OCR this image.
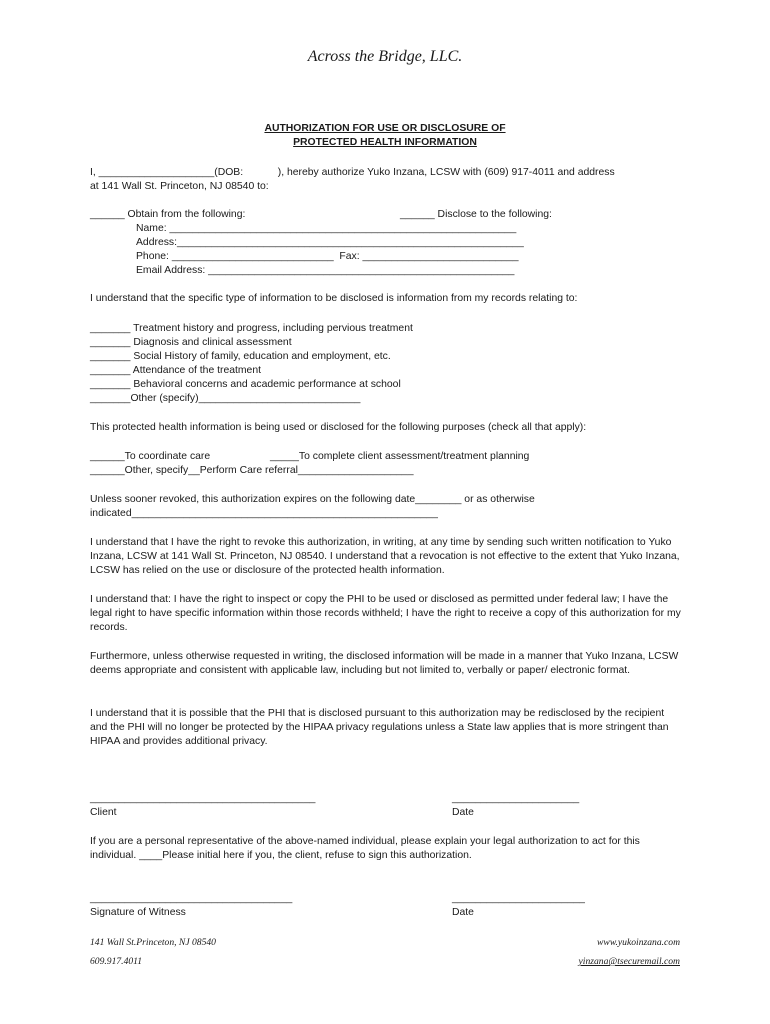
Across the Bridge, LLC.
AUTHORIZATION FOR USE OR DISCLOSURE OF
PROTECTED HEALTH INFORMATION
I, ____________________(DOB:            ), hereby authorize Yuko Inzana, LCSW with (609) 917-4011 and address
at 141 Wall St. Princeton, NJ 08540 to:
______ Obtain from the following:	______ Disclose to the following:
Name: ____________________________________________________________
Address:____________________________________________________________
Phone: ____________________________  Fax: ___________________________
Email Address: _____________________________________________________
I understand that the specific type of information to be disclosed is information from my records relating to:
_______ Treatment history and progress, including pervious treatment
_______ Diagnosis and clinical assessment
_______ Social History of family, education and employment, etc.
_______ Attendance of the treatment
_______ Behavioral concerns and academic performance at school
_______Other (specify)____________________________
This protected health information is being used or disclosed for the following purposes (check all that apply):
______To coordinate care	_____To complete client assessment/treatment planning
______Other, specify__Perform Care referral____________________
Unless sooner revoked, this authorization expires on the following date________ or as otherwise
indicated_____________________________________________________
I understand that I have the right to revoke this authorization, in writing, at any time by sending such written notification to Yuko Inzana, LCSW at 141 Wall St. Princeton, NJ 08540. I understand that a revocation is not effective to the extent that Yuko Inzana, LCSW has relied on the use or disclosure of the protected health information.
I understand that: I have the right to inspect or copy the PHI to be used or disclosed as permitted under federal law; I have the legal right to have specific information within those records withheld; I have the right to receive a copy of this authorization for my records.
Furthermore, unless otherwise requested in writing, the disclosed information will be made in a manner that Yuko Inzana, LCSW deems appropriate and consistent with applicable law, including but not limited to, verbally or paper/ electronic format.
I understand that it is possible that the PHI that is disclosed pursuant to this authorization may be redisclosed by the recipient and the PHI will no longer be protected by the HIPAA privacy regulations unless a State law applies that is more stringent than HIPAA and provides additional privacy.
_______________________________________	______________________
Client	Date
If you are a personal representative of the above-named individual, please explain your legal authorization to act for this individual. ____Please initial here if you, the client, refuse to sign this authorization.
___________________________________	_______________________
Signature of Witness	Date
141 Wall St.Princeton, NJ 08540
609.917.4011
www.yukoinzana.com
yinzana@tsecuremail.com
